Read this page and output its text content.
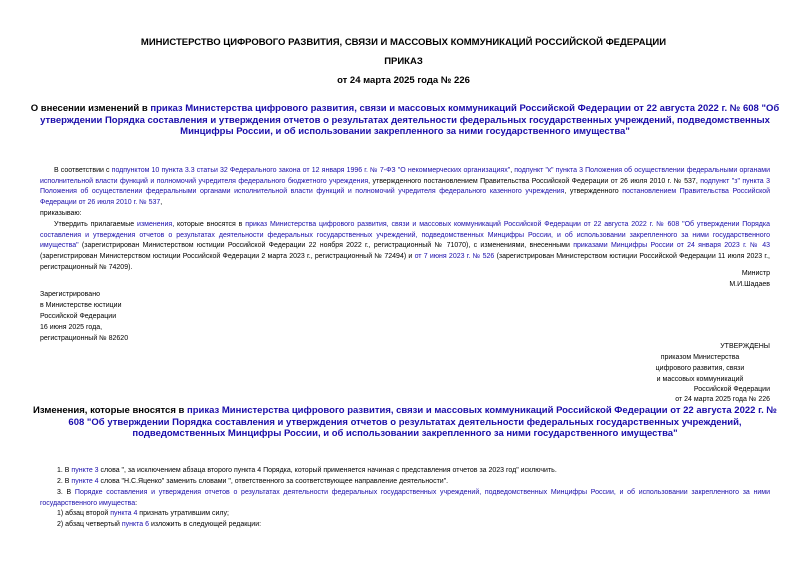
МИНИСТЕРСТВО ЦИФРОВОГО РАЗВИТИЯ, СВЯЗИ И МАССОВЫХ КОММУНИКАЦИЙ РОССИЙСКОЙ ФЕДЕРАЦИИ
ПРИКАЗ
от 24 марта 2025 года № 226
О внесении изменений в приказ Министерства цифрового развития, связи и массовых коммуникаций Российской Федерации от 22 августа 2022 г. № 608 "Об утверждении Порядка составления и утверждения отчетов о результатах деятельности федеральных государственных учреждений, подведомственных Минцифры России, и об использовании закрепленного за ними государственного имущества"
В соответствии с подпунктом 10 пункта 3.3 статьи 32 Федерального закона от 12 января 1996 г. № 7-ФЗ "О некоммерческих организациях", подпункт "к" пункта 3 Положения об осуществлении федеральными органами исполнительной власти функций и полномочий учредителя федерального бюджетного учреждения, утвержденного постановлением Правительства Российской Федерации от 26 июля 2010 г. № 537, подпункт "з" пункта 3 Положения об осуществлении федеральными органами исполнительной власти функций и полномочий учредителя федерального казенного учреждения, утвержденного постановлением Правительства Российской Федерации от 26 июля 2010 г. № 537,
приказываю:
Утвердить прилагаемые изменения, которые вносятся в приказ Министерства цифрового развития, связи и массовых коммуникаций Российской Федерации от 22 августа 2022 г. № 608 "Об утверждении Порядка составления и утверждения отчетов о результатах деятельности федеральных государственных учреждений, подведомственных Минцифры России, и об использовании закрепленного за ними государственного имущества" (зарегистрирован Министерством юстиции Российской Федерации 22 ноября 2022 г., регистрационный № 71070), с изменениями, внесенными приказами Минцифры России от 24 января 2023 г. № 43 (зарегистрирован Министерством юстиции Российской Федерации 2 марта 2023 г., регистрационный № 72494) и от 7 июня 2023 г. № 526 (зарегистрирован Министерством юстиции Российской Федерации 11 июля 2023 г., регистрационный № 74209).
Министр
М.И.Шадаев
Зарегистрировано
в Министерстве юстиции
Российской Федерации
16 июня 2025 года,
регистрационный № 82620
УТВЕРЖДЕНЫ
приказом Министерства
цифрового развития, связи
и массовых коммуникаций
Российской Федерации
от 24 марта 2025 года № 226
Изменения, которые вносятся в приказ Министерства цифрового развития, связи и массовых коммуникаций Российской Федерации от 22 августа 2022 г. № 608 "Об утверждении Порядка составления и утверждения отчетов о результатах деятельности федеральных государственных учреждений, подведомственных Минцифры России, и об использовании закрепленного за ними государственного имущества"
1. В пункте 3 слова ", за исключением абзаца второго пункта 4 Порядка, который применяется начиная с представления отчетов за 2023 год" исключить.
2. В пункте 4 слова "Н.С.Яценко" заменить словами ", ответственного за соответствующее направление деятельности".
3. В Порядке составления и утверждения отчетов о результатах деятельности федеральных государственных учреждений, подведомственных Минцифры России, и об использовании закрепленного за ними государственного имущества:
1) абзац второй пункта 4 признать утратившим силу;
2) абзац четвертый пункта 6 изложить в следующей редакции:
